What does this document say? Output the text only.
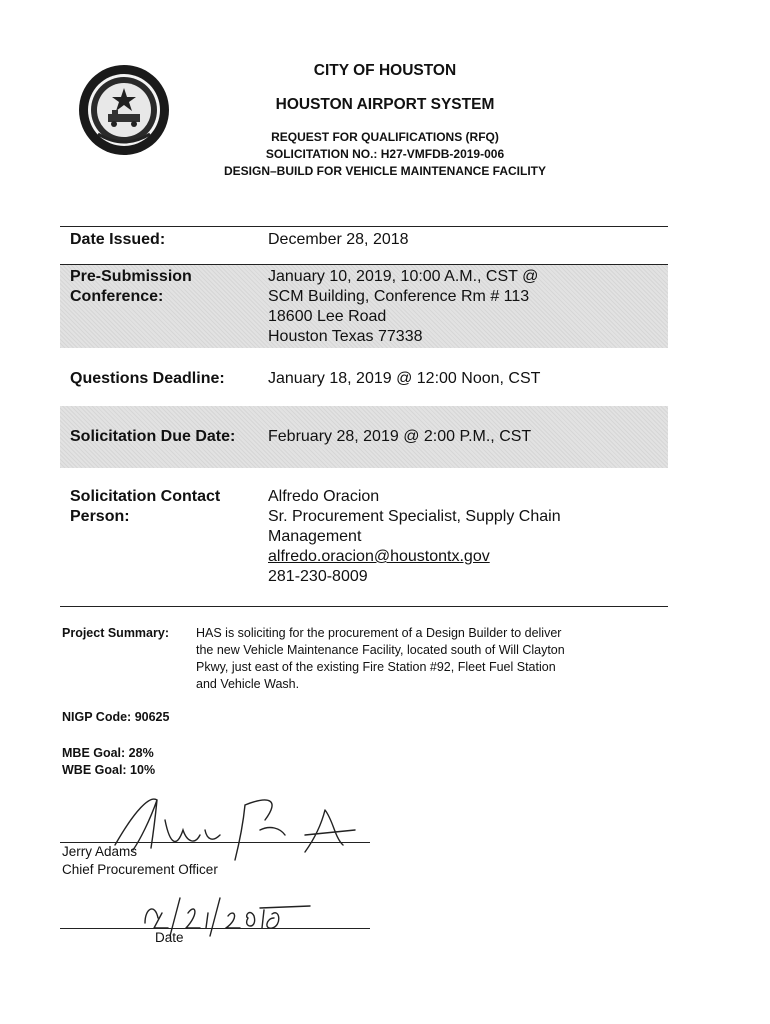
CITY OF HOUSTON
HOUSTON AIRPORT SYSTEM
REQUEST FOR QUALIFICATIONS (RFQ)
SOLICITATION NO.: H27-VMFDB-2019-006
DESIGN–BUILD FOR VEHICLE MAINTENANCE FACILITY
Date Issued:	December 28, 2018
Pre-Submission
Conference:
January 10, 2019, 10:00 A.M., CST @
SCM Building, Conference Rm # 113
18600 Lee Road
Houston Texas 77338
Questions Deadline:	January 18, 2019 @ 12:00 Noon, CST
Solicitation Due Date: February 28, 2019 @ 2:00 P.M., CST
Solicitation Contact
Person:
Alfredo Oracion
Sr. Procurement Specialist, Supply Chain
Management
alfredo.oracion@houstontx.gov
281-230-8009
Project Summary: HAS is soliciting for the procurement of a Design Builder to deliver
the new Vehicle Maintenance Facility, located south of Will Clayton
Pkwy, just east of the existing Fire Station #92, Fleet Fuel Station
and Vehicle Wash.
NIGP Code: 90625
MBE Goal: 28%
WBE Goal: 10%
Jerry Adams
Chief Procurement Officer
Date
